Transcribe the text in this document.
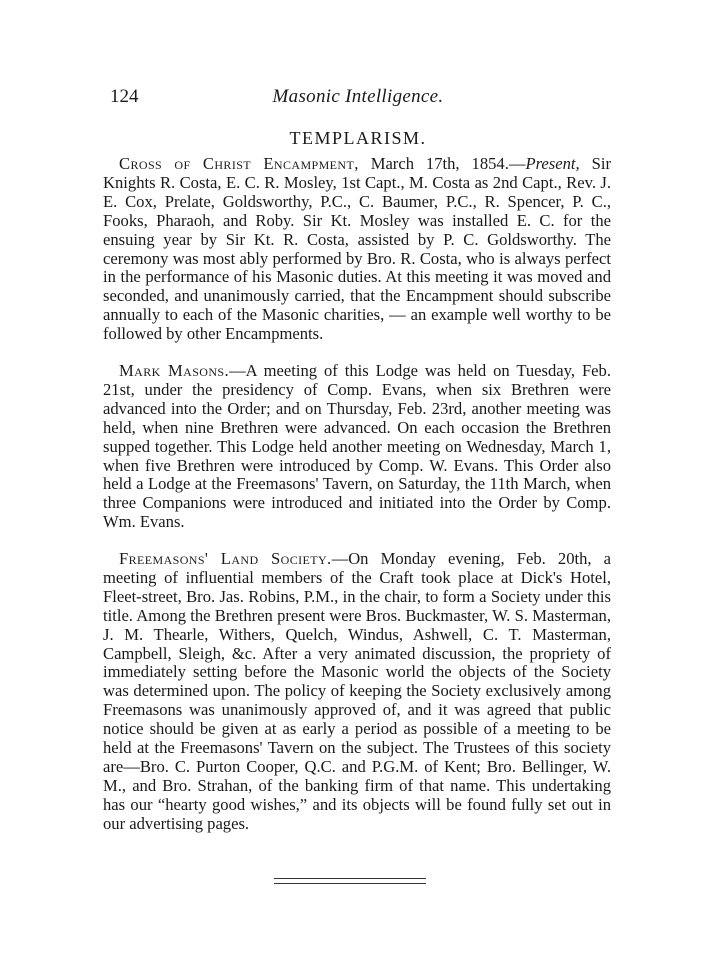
Masonic Intelligence.
124
TEMPLARISM.

Cross of Christ Encampment, March 17th, 1854.—Present, Sir Knights R. Costa, E. C. R. Mosley, 1st Capt., M. Costa as 2nd Capt., Rev. J. E. Cox, Prelate, Goldsworthy, P.C., C. Baumer, P.C., R. Spencer, P. C., Fooks, Pharaoh, and Roby. Sir Kt. Mosley was installed E. C. for the ensuing year by Sir Kt. R. Costa, assisted by P. C. Goldsworthy. The ceremony was most ably performed by Bro. R. Costa, who is always perfect in the performance of his Masonic duties. At this meeting it was moved and seconded, and unanimously carried, that the Encampment should subscribe annually to each of the Masonic charities, — an example well worthy to be followed by other Encampments.

Mark Masons.—A meeting of this Lodge was held on Tuesday, Feb. 21st, under the presidency of Comp. Evans, when six Brethren were advanced into the Order; and on Thursday, Feb. 23rd, another meeting was held, when nine Brethren were advanced. On each occasion the Brethren supped together. This Lodge held another meeting on Wednesday, March 1, when five Brethren were introduced by Comp. W. Evans. This Order also held a Lodge at the Freemasons' Tavern, on Saturday, the 11th March, when three Companions were introduced and initiated into the Order by Comp. Wm. Evans.

Freemasons' Land Society.—On Monday evening, Feb. 20th, a meeting of influential members of the Craft took place at Dick's Hotel, Fleet-street, Bro. Jas. Robins, P.M., in the chair, to form a Society under this title. Among the Brethren present were Bros. Buckmaster, W. S. Masterman, J. M. Thearle, Withers, Quelch, Windus, Ashwell, C. T. Masterman, Campbell, Sleigh, &c. After a very animated discussion, the propriety of immediately setting before the Masonic world the objects of the Society was determined upon. The policy of keeping the Society exclusively among Freemasons was unanimously approved of, and it was agreed that public notice should be given at as early a period as possible of a meeting to be held at the Freemasons' Tavern on the subject. The Trustees of this society are—Bro. C. Purton Cooper, Q.C. and P.G.M. of Kent; Bro. Bellinger, W. M., and Bro. Strahan, of the banking firm of that name. This undertaking has our “hearty good wishes,” and its objects will be found fully set out in our advertising pages.
